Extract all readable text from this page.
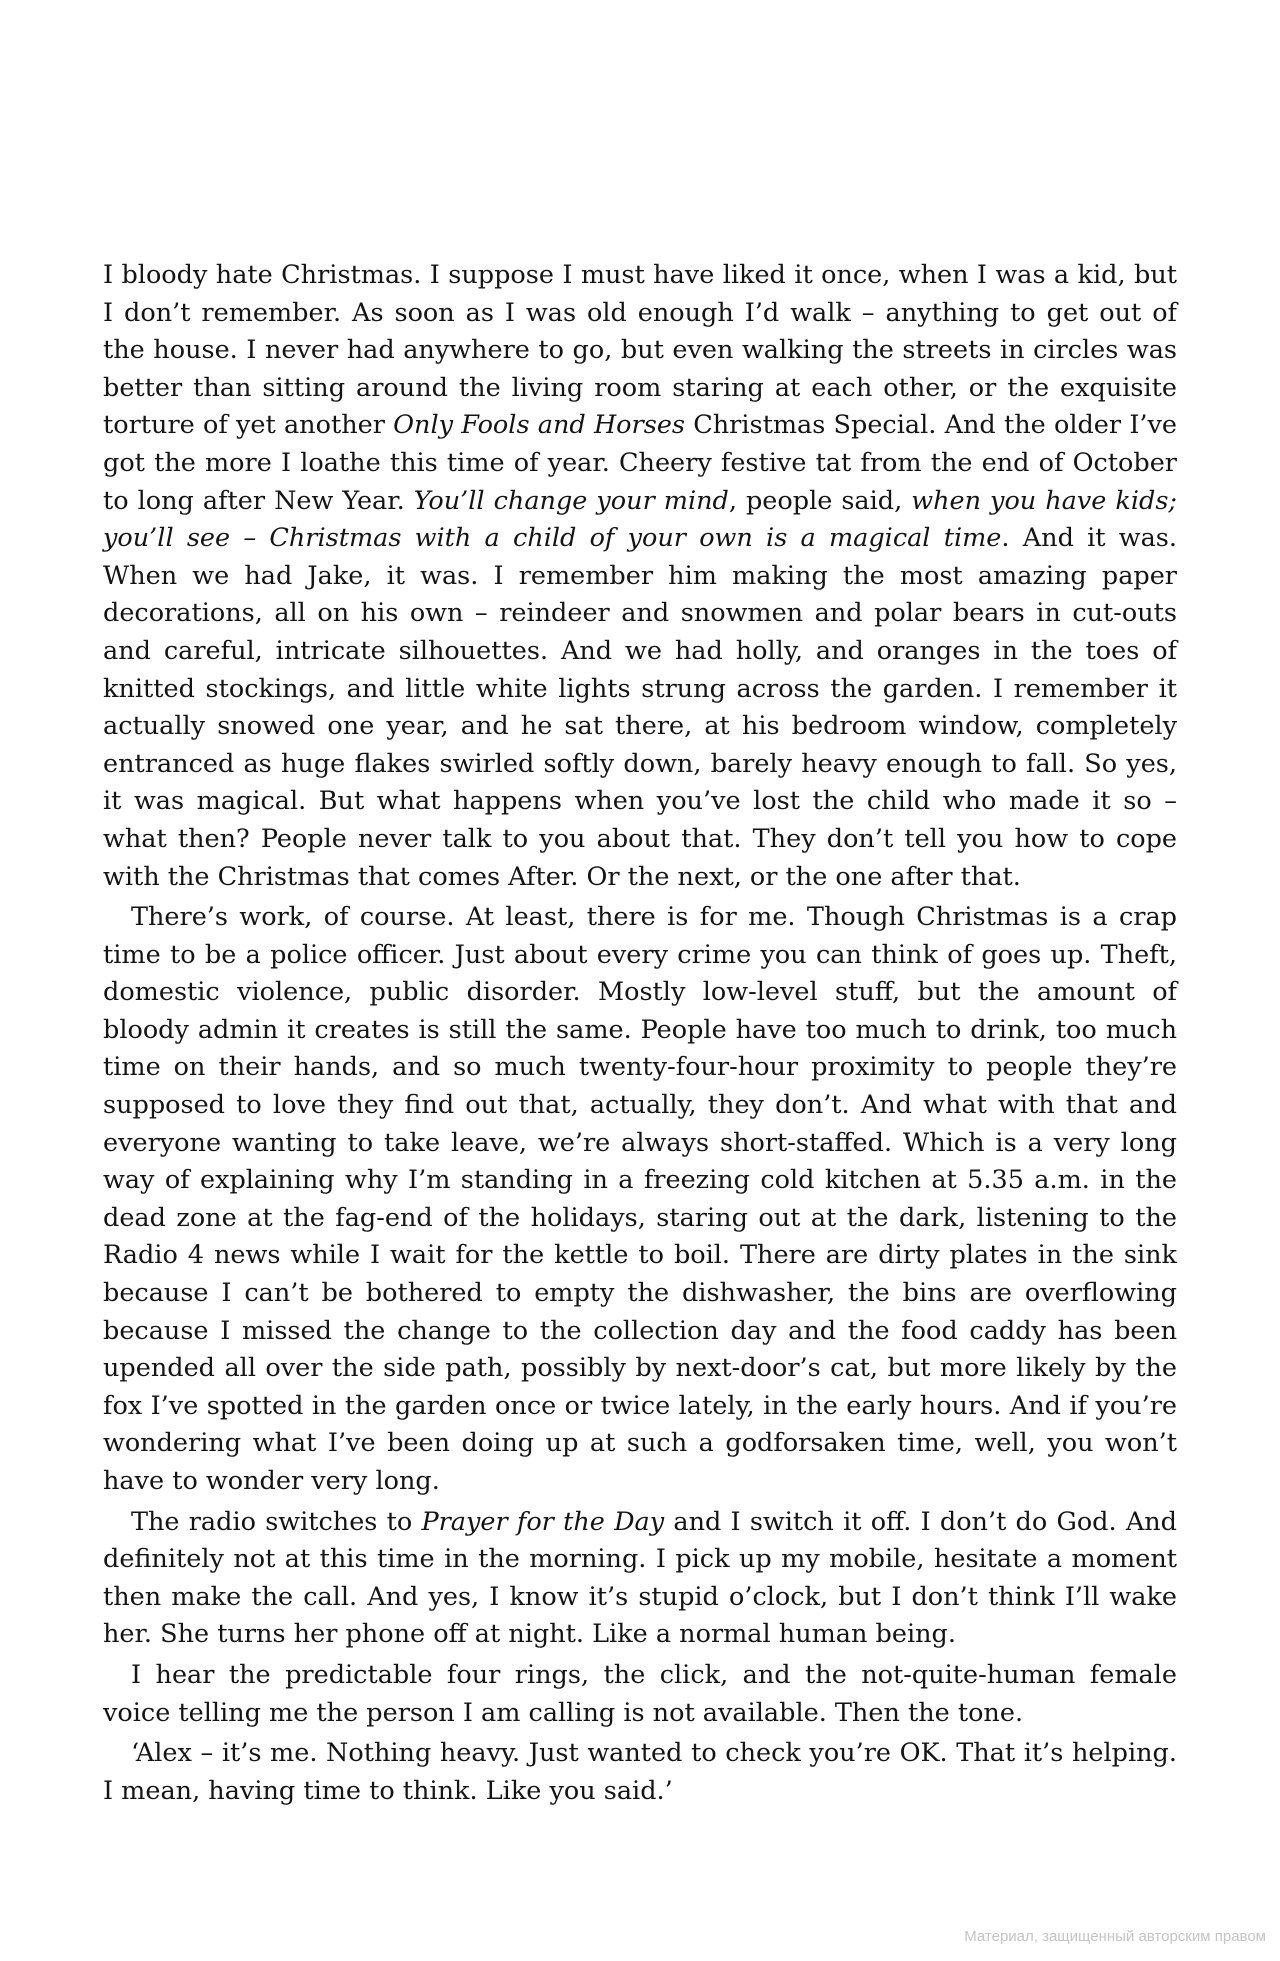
I bloody hate Christmas. I suppose I must have liked it once, when I was a kid, but I don’t remember. As soon as I was old enough I’d walk – anything to get out of the house. I never had anywhere to go, but even walking the streets in circles was better than sitting around the living room staring at each other, or the exquisite torture of yet another Only Fools and Horses Christmas Special. And the older I’ve got the more I loathe this time of year. Cheery festive tat from the end of October to long after New Year. You’ll change your mind, people said, when you have kids; you’ll see – Christmas with a child of your own is a magical time. And it was. When we had Jake, it was. I remember him making the most amazing paper decorations, all on his own – reindeer and snowmen and polar bears in cut-outs and careful, intricate silhouettes. And we had holly, and oranges in the toes of knitted stockings, and little white lights strung across the garden. I remember it actually snowed one year, and he sat there, at his bedroom window, completely entranced as huge flakes swirled softly down, barely heavy enough to fall. So yes, it was magical. But what happens when you’ve lost the child who made it so – what then? People never talk to you about that. They don’t tell you how to cope with the Christmas that comes After. Or the next, or the one after that.

There’s work, of course. At least, there is for me. Though Christmas is a crap time to be a police officer. Just about every crime you can think of goes up. Theft, domestic violence, public disorder. Mostly low-level stuff, but the amount of bloody admin it creates is still the same. People have too much to drink, too much time on their hands, and so much twenty-four-hour proximity to people they’re supposed to love they find out that, actually, they don’t. And what with that and everyone wanting to take leave, we’re always short-staffed. Which is a very long way of explaining why I’m standing in a freezing cold kitchen at 5.35 a.m. in the dead zone at the fag-end of the holidays, staring out at the dark, listening to the Radio 4 news while I wait for the kettle to boil. There are dirty plates in the sink because I can’t be bothered to empty the dishwasher, the bins are overflowing because I missed the change to the collection day and the food caddy has been upended all over the side path, possibly by next-door’s cat, but more likely by the fox I’ve spotted in the garden once or twice lately, in the early hours. And if you’re wondering what I’ve been doing up at such a godforsaken time, well, you won’t have to wonder very long.

The radio switches to Prayer for the Day and I switch it off. I don’t do God. And definitely not at this time in the morning. I pick up my mobile, hesitate a moment then make the call. And yes, I know it’s stupid o’clock, but I don’t think I’ll wake her. She turns her phone off at night. Like a normal human being.

I hear the predictable four rings, the click, and the not-quite-human female voice telling me the person I am calling is not available. Then the tone.

‘Alex – it’s me. Nothing heavy. Just wanted to check you’re OK. That it’s helping. I mean, having time to think. Like you said.’

Материал, защищенный авторским правом
